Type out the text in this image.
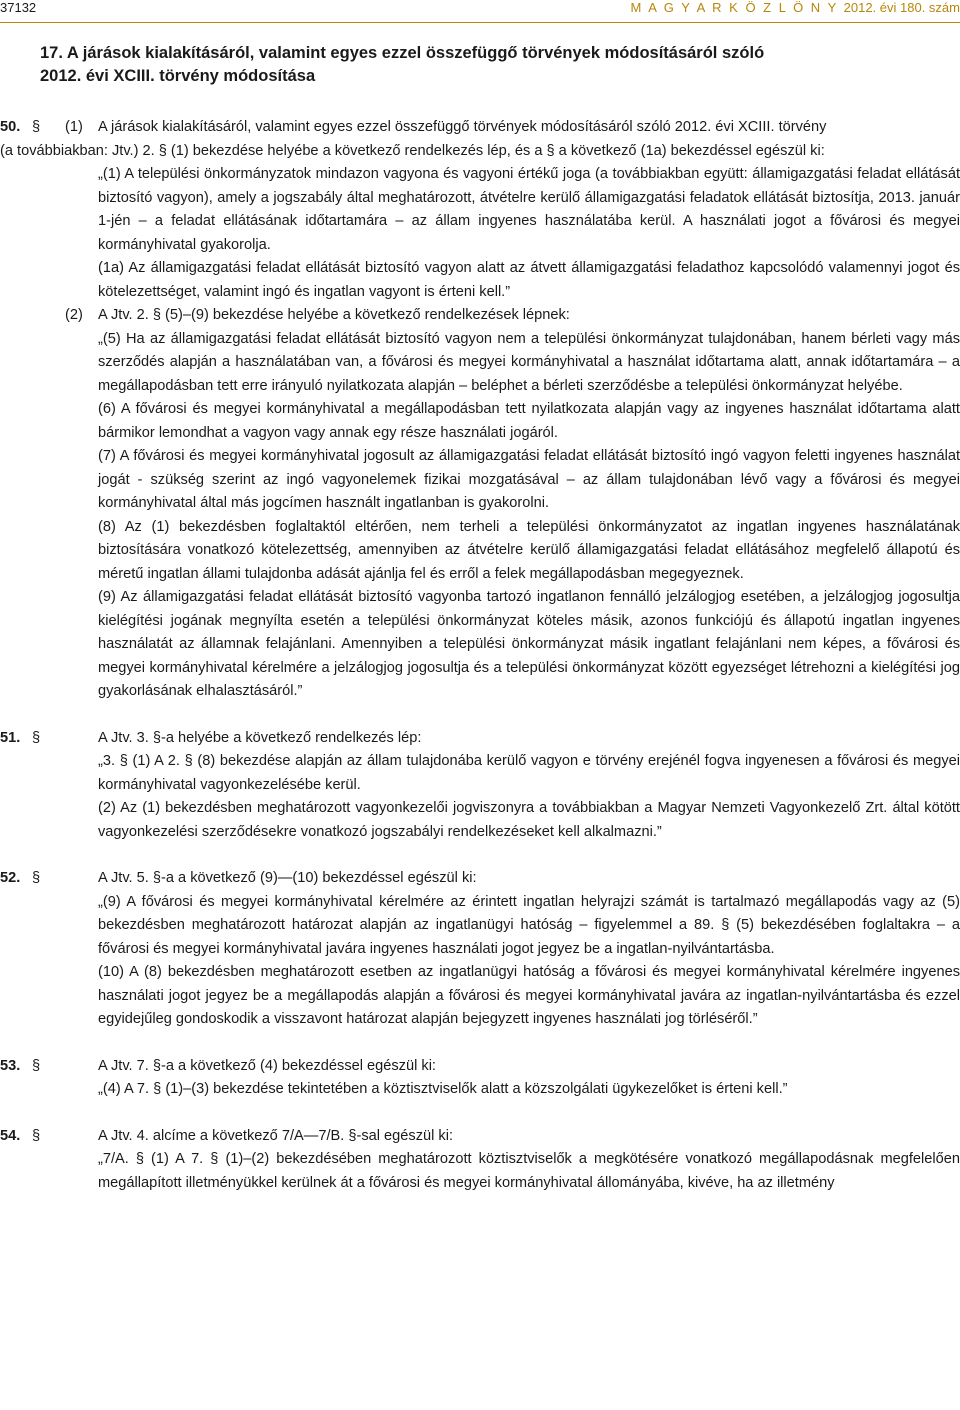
37132	M A G Y A R K Ö Z L Ö N Y 2012. évi 180. szám
17. A járások kialakításáról, valamint egyes ezzel összefüggő törvények módosításáról szóló
2012. évi XCIII. törvény módosítása
50. § (1) A járások kialakításáról, valamint egyes ezzel összefüggő törvények módosításáról szóló 2012. évi XCIII. törvény

(a továbbiakban: Jtv.) 2. § (1) bekezdése helyébe a következő rendelkezés lép, és a § a következő (1a) bekezdéssel egészül ki:

„(1) A települési önkormányzatok mindazon vagyona és vagyoni értékű joga (a továbbiakban együtt: államigazgatási feladat ellátását biztosító vagyon), amely a jogszabály által meghatározott, átvételre kerülő államigazgatási feladatok ellátását biztosítja, 2013. január 1-jén – a feladat ellátásának időtartamára – az állam ingyenes használatába kerül. A használati jogot a fővárosi és megyei kormányhivatal gyakorolja.

(1a) Az államigazgatási feladat ellátását biztosító vagyon alatt az átvett államigazgatási feladathoz kapcsolódó valamennyi jogot és kötelezettséget, valamint ingó és ingatlan vagyont is érteni kell.”

(2) A Jtv. 2. § (5)–(9) bekezdése helyébe a következő rendelkezések lépnek:

„(5) Ha az államigazgatási feladat ellátását biztosító vagyon nem a települési önkormányzat tulajdonában, hanem bérleti vagy más szerződés alapján a használatában van, a fővárosi és megyei kormányhivatal a használat időtartama alatt, annak időtartamára – a megállapodásban tett erre irányuló nyilatkozata alapján – beléphet a bérleti szerződésbe a települési önkormányzat helyébe.

(6) A fővárosi és megyei kormányhivatal a megállapodásban tett nyilatkozata alapján vagy az ingyenes használat időtartama alatt bármikor lemondhat a vagyon vagy annak egy része használati jogáról.

(7) A fővárosi és megyei kormányhivatal jogosult az államigazgatási feladat ellátását biztosító ingó vagyon feletti ingyenes használat jogát - szükség szerint az ingó vagyonelemek fizikai mozgatásával – az állam tulajdonában lévő vagy a fővárosi és megyei kormányhivatal által más jogcímen használt ingatlanban is gyakorolni.

(8) Az (1) bekezdésben foglaltaktól eltérően, nem terheli a települési önkormányzatot az ingatlan ingyenes használatának biztosítására vonatkozó kötelezettség, amennyiben az átvételre kerülő államigazgatási feladat ellátásához megfelelő állapotú és méretű ingatlan állami tulajdonba adását ajánlja fel és erről a felek megállapodásban megegyeznek.

(9) Az államigazgatási feladat ellátását biztosító vagyonba tartozó ingatlanon fennálló jelzálogjog esetében, a jelzálogjog jogosultja kielégítési jogának megnyílta esetén a települési önkormányzat köteles másik, azonos funkciójú és állapotú ingatlan ingyenes használatát az államnak felajánlani. Amennyiben a települési önkormányzat másik ingatlant felajánlani nem képes, a fővárosi és megyei kormányhivatal kérelmére a jelzálogjog jogosultja és a települési önkormányzat között egyezséget létrehozni a kielégítési jog gyakorlásának elhalasztásáról.”

51. §	A Jtv. 3. §-a helyébe a következő rendelkezés lép:

„3. § (1) A 2. § (8) bekezdése alapján az állam tulajdonába kerülő vagyon e törvény erejénél fogva ingyenesen a fővárosi és megyei kormányhivatal vagyonkezelésébe kerül.

(2) Az (1) bekezdésben meghatározott vagyonkezelői jogviszonyra a továbbiakban a Magyar Nemzeti Vagyonkezelő Zrt. által kötött vagyonkezelési szerződésekre vonatkozó jogszabályi rendelkezéseket kell alkalmazni.”

52. §	A Jtv. 5. §-a a következő (9)—(10) bekezdéssel egészül ki:

„(9) A fővárosi és megyei kormányhivatal kérelmére az érintett ingatlan helyrajzi számát is tartalmazó megállapodás vagy az (5) bekezdésben meghatározott határozat alapján az ingatlanügyi hatóság – figyelemmel a 89. § (5) bekezdésében foglaltakra – a fővárosi és megyei kormányhivatal javára ingyenes használati jogot jegyez be a ingatlan-nyilvántartásba.

(10) A (8) bekezdésben meghatározott esetben az ingatlanügyi hatóság a fővárosi és megyei kormányhivatal kérelmére ingyenes használati jogot jegyez be a megállapodás alapján a fővárosi és megyei kormányhivatal javára az ingatlan-nyilvántartásba és ezzel egyidejűleg gondoskodik a visszavont határozat alapján bejegyzett ingyenes használati jog törléséről.”

53. §	A Jtv. 7. §-a a következő (4) bekezdéssel egészül ki:

„(4) A 7. § (1)–(3) bekezdése tekintetében a köztisztviselők alatt a közszolgálati ügykezelőket is érteni kell.”

54. §	A Jtv. 4. alcíme a következő 7/A—7/B. §-sal egészül ki:

„7/A. § (1) A 7. § (1)–(2) bekezdésében meghatározott köztisztviselők a megkötésére vonatkozó megállapodásnak megfelelően megállapított illetményükkel kerülnek át a fővárosi és megyei kormányhivatal állományába, kivéve, ha az illetmény
